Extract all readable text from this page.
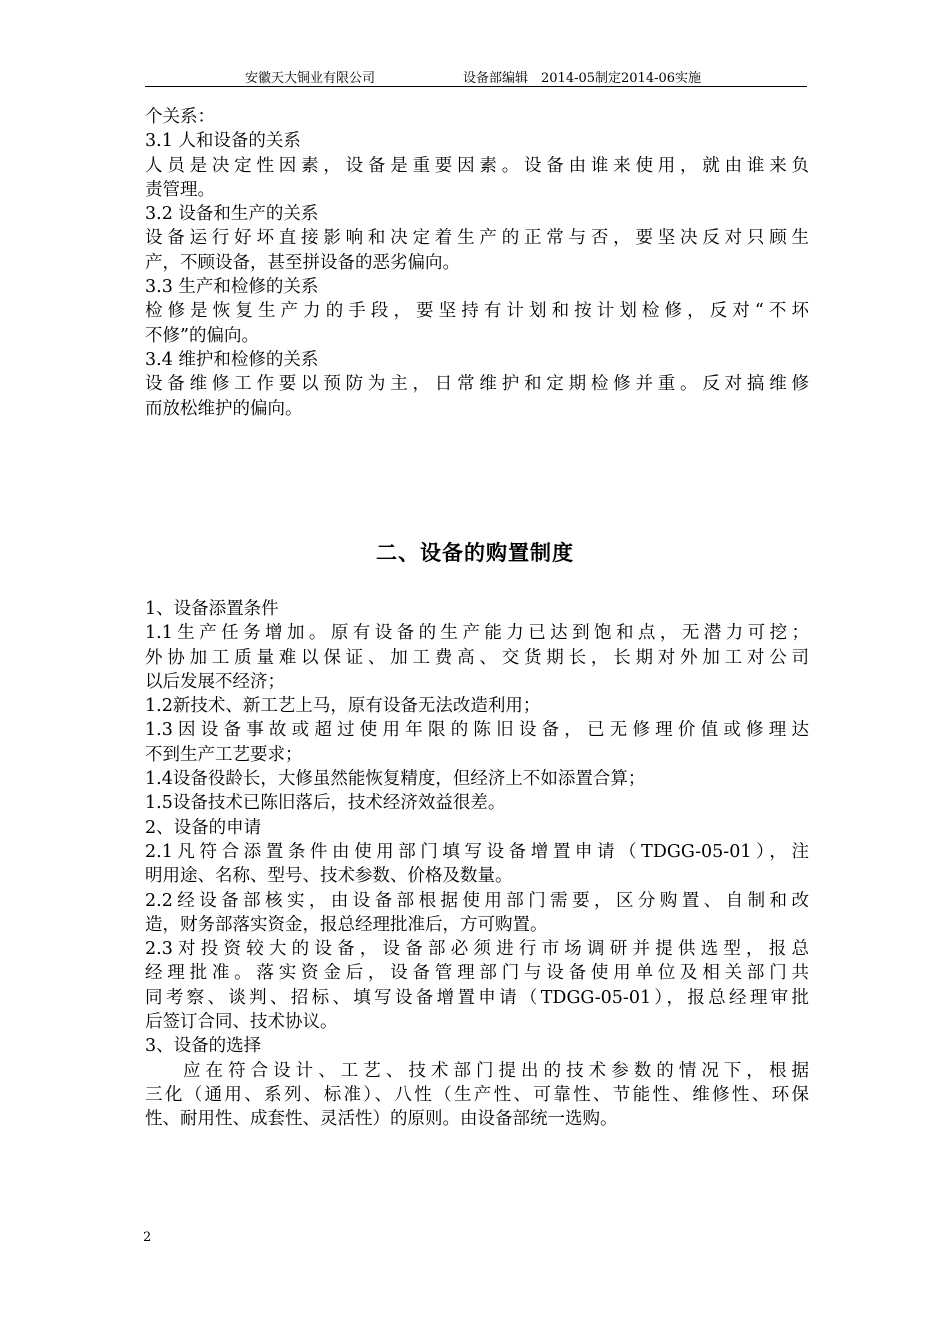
安徽天大铜业有限公司	设备部编辑　2014-05制定2014-06实施
个关系：
3.1 人和设备的关系
人员是决定性因素，设备是重要因素。设备由谁来使用，就由谁来负
责管理。
3.2 设备和生产的关系
设备运行好坏直接影响和决定着生产的正常与否，要坚决反对只顾生
产，不顾设备，甚至拼设备的恶劣偏向。
3.3 生产和检修的关系
检修是恢复生产力的手段，要坚持有计划和按计划检修，反对“不坏
不修”的偏向。
3.4 维护和检修的关系
设备维修工作要以预防为主，日常维护和定期检修并重。反对搞维修
而放松维护的偏向。
二、设备的购置制度
1、设备添置条件
1.1生产任务增加。原有设备的生产能力已达到饱和点，无潜力可挖；
外协加工质量难以保证、加工费高、交货期长，长期对外加工对公司
以后发展不经济；
1.2新技术、新工艺上马，原有设备无法改造利用；
1.3因设备事故或超过使用年限的陈旧设备，已无修理价值或修理达
不到生产工艺要求；
1.4设备役龄长，大修虽然能恢复精度，但经济上不如添置合算；
1.5设备技术已陈旧落后，技术经济效益很差。
2、设备的申请
2.1凡符合添置条件由使用部门填写设备增置申请（TDGG-05-01），注
明用途、名称、型号、技术参数、价格及数量。
2.2经设备部核实，由设备部根据使用部门需要，区分购置、自制和改
造，财务部落实资金，报总经理批准后，方可购置。
2.3对投资较大的设备，设备部必须进行市场调研并提供选型，报总
经理批准。落实资金后，设备管理部门与设备使用单位及相关部门共
同考察、谈判、招标、填写设备增置申请（TDGG-05-01），报总经理审批
后签订合同、技术协议。
3、设备的选择
应在符合设计、工艺、技术部门提出的技术参数的情况下，根据
三化（通用、系列、标准）、八性（生产性、可靠性、节能性、维修性、环保
性、耐用性、成套性、灵活性）的原则。由设备部统一选购。
2
